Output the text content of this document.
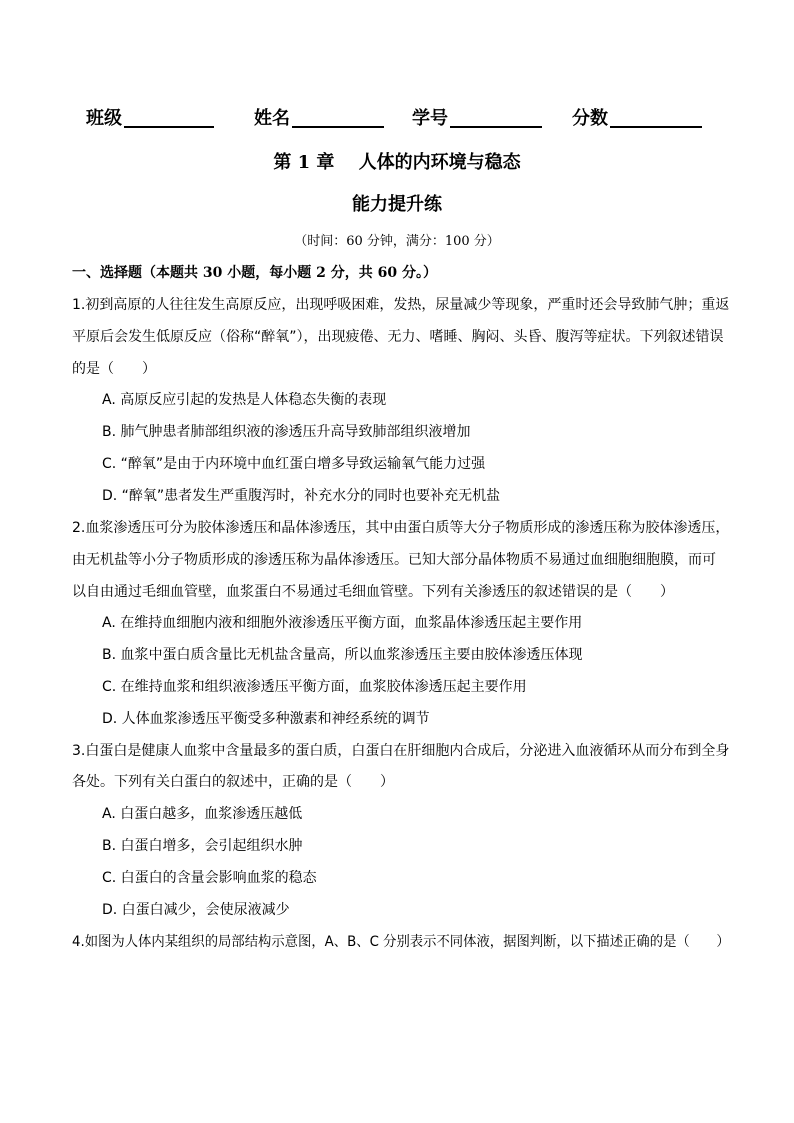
班级	姓名	学号	分数
第 1 章　 人体的内环境与稳态
能力提升练
（时间：60 分钟，满分：100 分）
一、选择题（本题共 30 小题，每小题 2 分，共 60 分。）
1.初到高原的人往往发生高原反应，出现呼吸困难，发热，尿量减少等现象，严重时还会导致肺气肿；重返
平原后会发生低原反应（俗称“醉氧”），出现疲倦、无力、嗜睡、胸闷、头昏、腹泻等症状。下列叙述错误
的是（　　）
A. 高原反应引起的发热是人体稳态失衡的表现
B. 肺气肿患者肺部组织液的渗透压升高导致肺部组织液增加
C. “醉氧”是由于内环境中血红蛋白增多导致运输氧气能力过强
D. “醉氧”患者发生严重腹泻时，补充水分的同时也要补充无机盐
2.血浆渗透压可分为胶体渗透压和晶体渗透压，其中由蛋白质等大分子物质形成的渗透压称为胶体渗透压，
由无机盐等小分子物质形成的渗透压称为晶体渗透压。已知大部分晶体物质不易通过血细胞细胞膜，而可
以自由通过毛细血管壁，血浆蛋白不易通过毛细血管壁。下列有关渗透压的叙述错误的是（　　）
A. 在维持血细胞内液和细胞外液渗透压平衡方面，血浆晶体渗透压起主要作用
B. 血浆中蛋白质含量比无机盐含量高，所以血浆渗透压主要由胶体渗透压体现
C. 在维持血浆和组织液渗透压平衡方面，血浆胶体渗透压起主要作用
D. 人体血浆渗透压平衡受多种激素和神经系统的调节
3.白蛋白是健康人血浆中含量最多的蛋白质，白蛋白在肝细胞内合成后，分泌进入血液循环从而分布到全身
各处。下列有关白蛋白的叙述中，正确的是（　　）
A. 白蛋白越多，血浆渗透压越低
B. 白蛋白增多，会引起组织水肿
C. 白蛋白的含量会影响血浆的稳态
D. 白蛋白减少，会使尿液减少
4.如图为人体内某组织的局部结构示意图，A、B、C 分别表示不同体液，据图判断，以下描述正确的是（　　）
